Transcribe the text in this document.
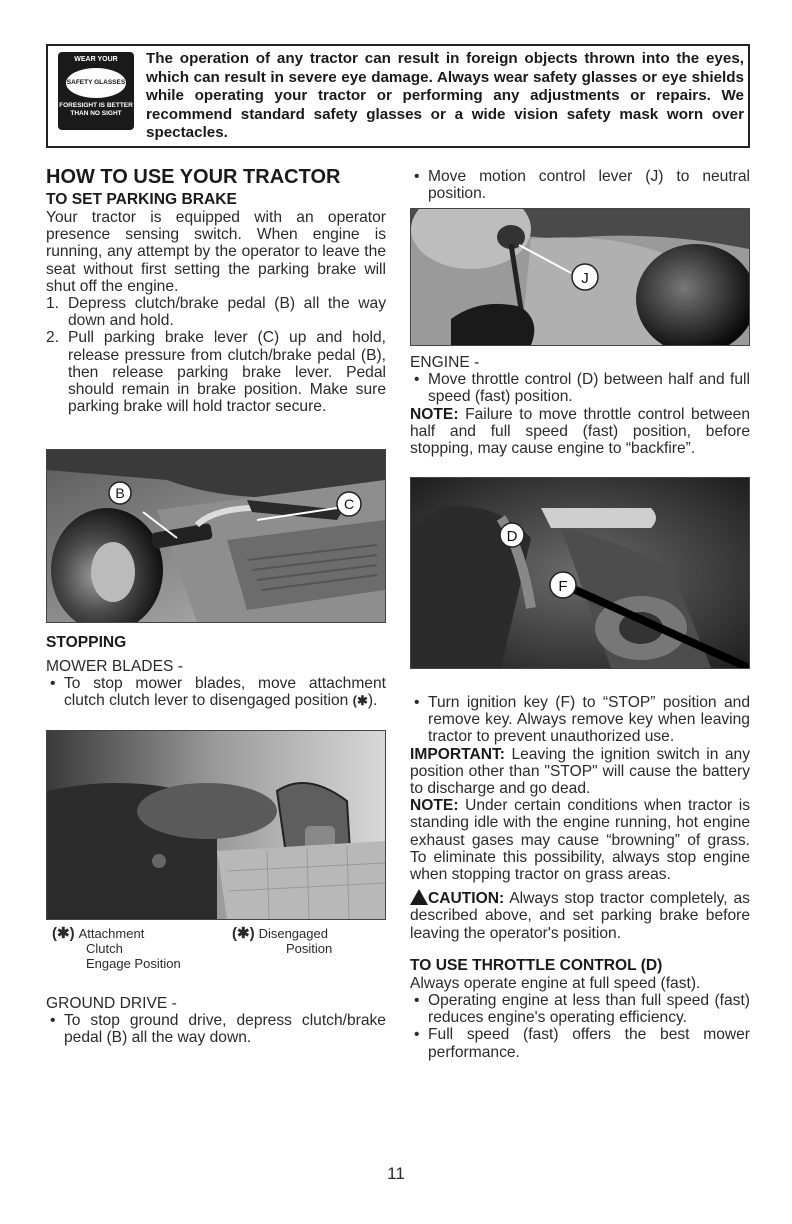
WEAR YOUR
SAFETY GLASSES
FORESIGHT IS BETTER
THAN NO SIGHT
The operation of any tractor can result in foreign objects thrown into the eyes, which can result in severe eye damage. Always wear safety glasses or eye shields while operating your tractor or performing any adjustments or repairs. We recommend standard safety glasses or a wide vision safety mask worn over spectacles.

HOW TO USE YOUR TRACTOR

TO SET PARKING BRAKE

Your tractor is equipped with an operator presence sensing switch. When engine is running, any attempt by the operator to leave the seat without first setting the parking brake will shut off the engine.

1. Depress clutch/brake pedal (B) all the way down and hold.
2. Pull parking brake lever (C) up and hold, release pressure from clutch/brake pedal (B), then release parking brake lever. Pedal should remain in brake position. Make sure parking brake will hold tractor secure.
B
C

STOPPING

MOWER BLADES -

• To stop mower blades, move attachment clutch clutch lever to disengaged position (✱).
(✱) Attachment
Clutch
Engage Position
(✱) Disengaged
Position

GROUND DRIVE -

• To stop ground drive, depress clutch/brake pedal (B) all the way down.
• Move motion control lever (J) to neutral position.
J

ENGINE -

• Move throttle control (D) between half and full speed (fast) position.

NOTE: Failure to move throttle control between half and full speed (fast) position, before stopping, may cause engine to “backfire”.

D
F
• Turn ignition key (F) to “STOP” position and remove key. Always remove key when leaving tractor to prevent unauthorized use.

IMPORTANT: Leaving the ignition switch in any position other than "STOP" will cause the battery to discharge and go dead.

NOTE: Under certain conditions when tractor is standing idle with the engine running, hot engine exhaust gases may cause “browning” of grass. To eliminate this possibility, always stop engine when stopping tractor on grass areas.

CAUTION: Always stop tractor completely, as described above, and set parking brake before leaving the operator's position.

TO USE THROTTLE CONTROL (D)

Always operate engine at full speed (fast).

• Operating engine at less than full speed (fast) reduces engine's operating efficiency.
• Full speed (fast) offers the best mower performance.
11
